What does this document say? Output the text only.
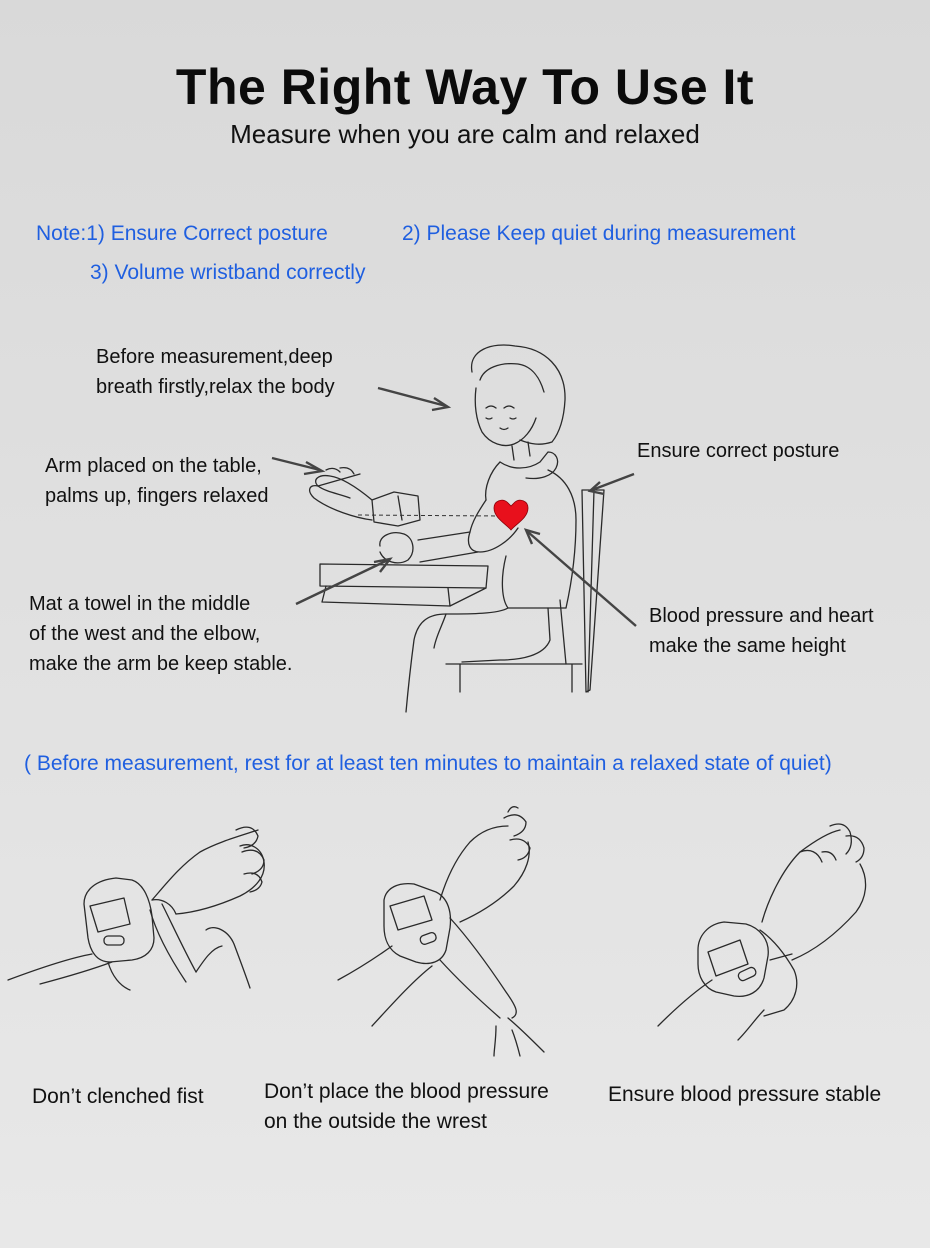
The Right Way To Use It
Measure when you are calm and relaxed
Note:1) Ensure Correct posture	2) Please Keep quiet during measurement
3) Volume wristband correctly
Before measurement,deep
breath firstly,relax the body
Arm placed on the table,
palms up, fingers relaxed
Mat a towel in the middle
of the west and the elbow,
make the arm be keep stable.
Ensure correct posture
Blood pressure and heart
make the same height
( Before measurement, rest for at least ten minutes to maintain a relaxed state of quiet)
Don’t clenched fist	Don’t place the blood pressure
on the outside the wrest
Ensure blood pressure stable
